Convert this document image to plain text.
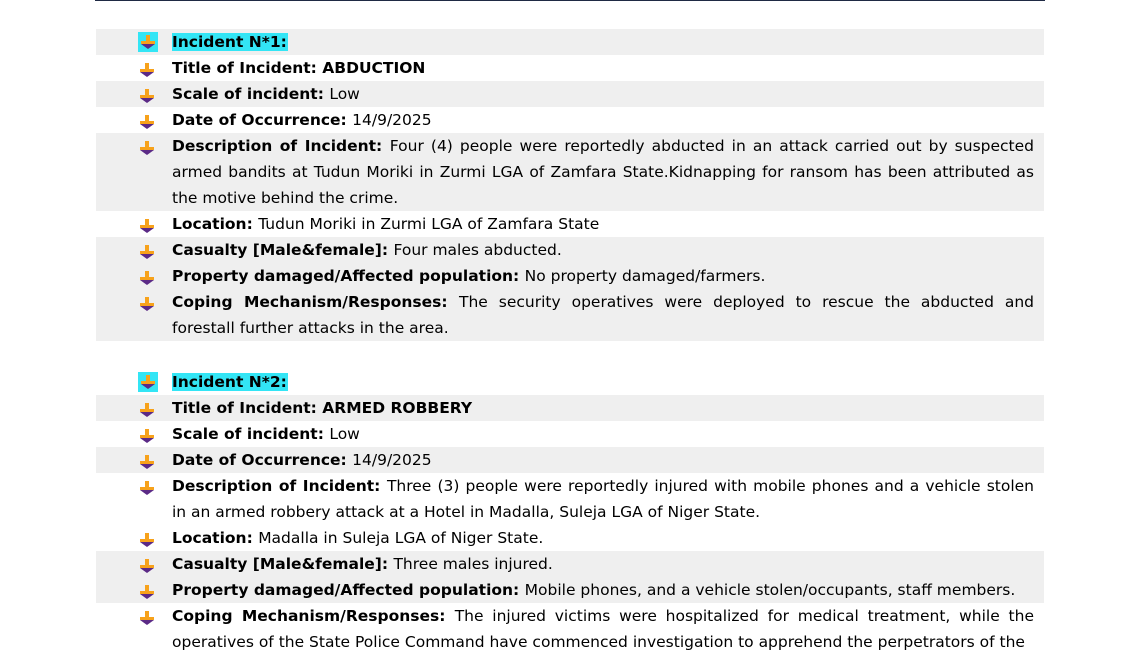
Incident N*1:
Title of Incident: ABDUCTION
Scale of incident: Low
Date of Occurrence: 14/9/2025
Description of Incident: Four (4) people were reportedly abducted in an attack carried out by suspected armed bandits at Tudun Moriki in Zurmi LGA of Zamfara State.Kidnapping for ransom has been attributed as the motive behind the crime.
Location: Tudun Moriki in Zurmi LGA of Zamfara State
Casualty [Male&female]: Four males abducted.
Property damaged/Affected population: No property damaged/farmers.
Coping Mechanism/Responses: The security operatives were deployed to rescue the abducted and forestall further attacks in the area.
Incident N*2:
Title of Incident: ARMED ROBBERY
Scale of incident: Low
Date of Occurrence: 14/9/2025
Description of Incident: Three (3) people were reportedly injured with mobile phones and a vehicle stolen in an armed robbery attack at a Hotel in Madalla, Suleja LGA of Niger State.
Location: Madalla in Suleja LGA of Niger State.
Casualty [Male&female]: Three males injured.
Property damaged/Affected population: Mobile phones, and a vehicle stolen/occupants, staff members.
Coping Mechanism/Responses: The injured victims were hospitalized for medical treatment, while the operatives of the State Police Command have commenced investigation to apprehend the perpetrators of the
